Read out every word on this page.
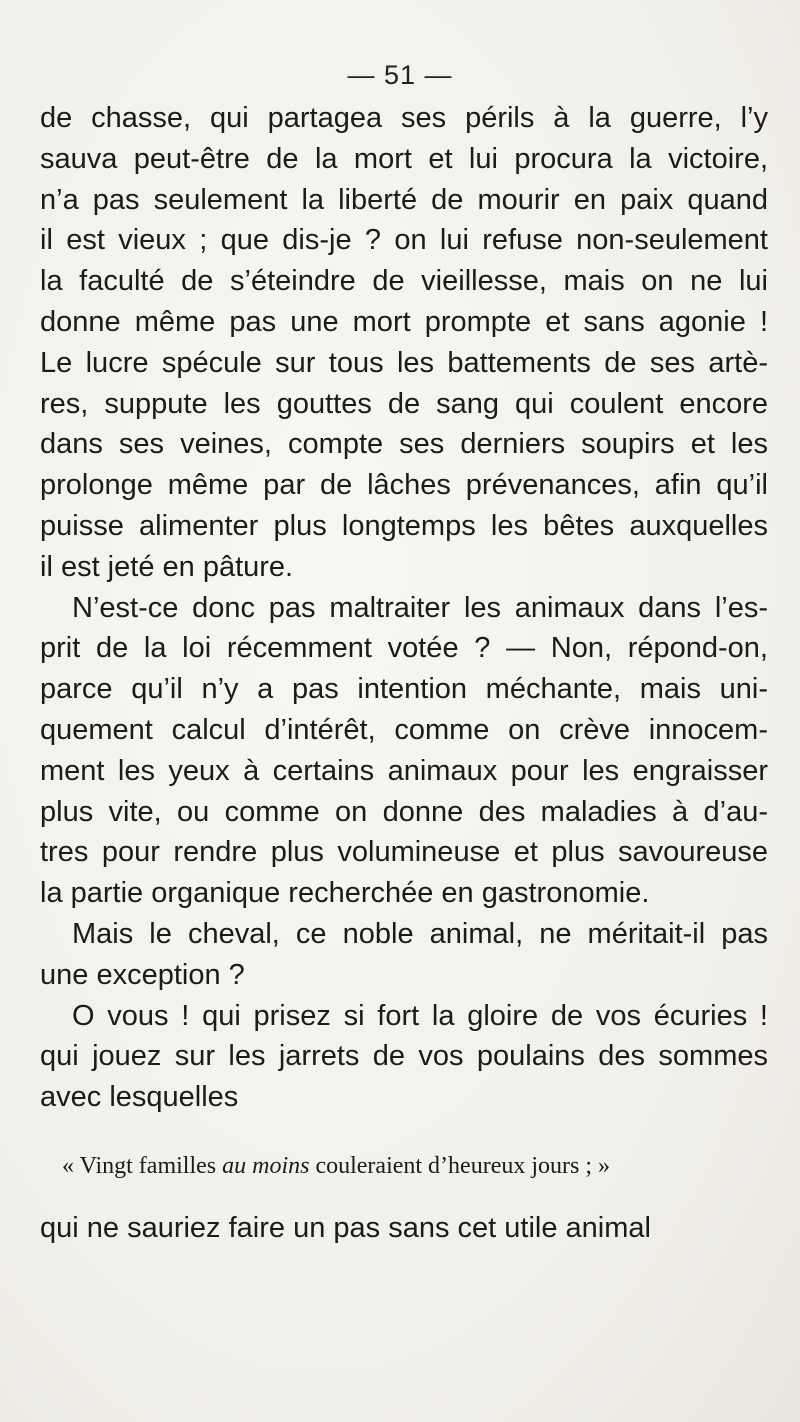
— 51 —
de chasse, qui partagea ses périls à la guerre, l’y
sauva peut-être de la mort et lui procura la victoire,
n’a pas seulement la liberté de mourir en paix quand
il est vieux ; que dis-je ? on lui refuse non-seulement
la faculté de s’éteindre de vieillesse, mais on ne lui
donne même pas une mort prompte et sans agonie !
Le lucre spécule sur tous les battements de ses artè-
res, suppute les gouttes de sang qui coulent encore
dans ses veines, compte ses derniers soupirs et les
prolonge même par de lâches prévenances, afin qu’il
puisse alimenter plus longtemps les bêtes auxquelles
il est jeté en pâture.
N’est-ce donc pas maltraiter les animaux dans l’es-
prit de la loi récemment votée ? — Non, répond-on,
parce qu’il n’y a pas intention méchante, mais uni-
quement calcul d’intérêt, comme on crève innocem-
ment les yeux à certains animaux pour les engraisser
plus vite, ou comme on donne des maladies à d’au-
tres pour rendre plus volumineuse et plus savoureuse
la partie organique recherchée en gastronomie.
Mais le cheval, ce noble animal, ne méritait-il pas
une exception ?
O vous ! qui prisez si fort la gloire de vos écuries !
qui jouez sur les jarrets de vos poulains des sommes
avec lesquelles
« Vingt familles au moins couleraient d’heureux jours ; »
qui ne sauriez faire un pas sans cet utile animal
